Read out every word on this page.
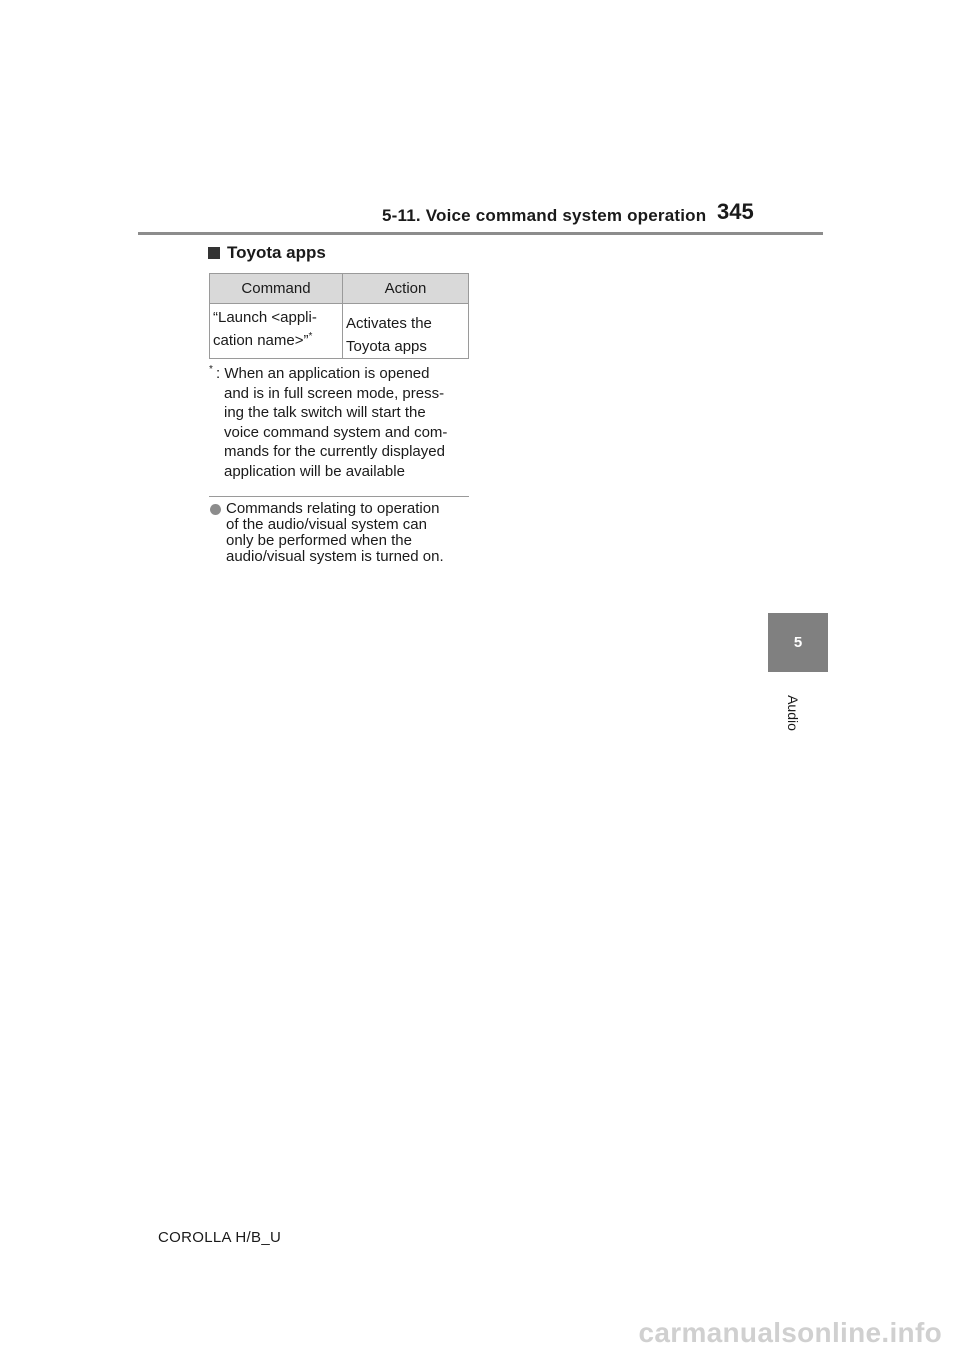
5-11. Voice command system operation 345
Toyota apps
Command	Action
“Launch <appli-
cation name>”*	Activates the
Toyota apps
* : When an application is opened
and is in full screen mode, press-
ing the talk switch will start the
voice command system and com-
mands for the currently displayed
application will be available
Commands relating to operation
of the audio/visual system can
only be performed when the
audio/visual system is turned on.
5
Audio
COROLLA H/B_U
carmanualsonline.info
